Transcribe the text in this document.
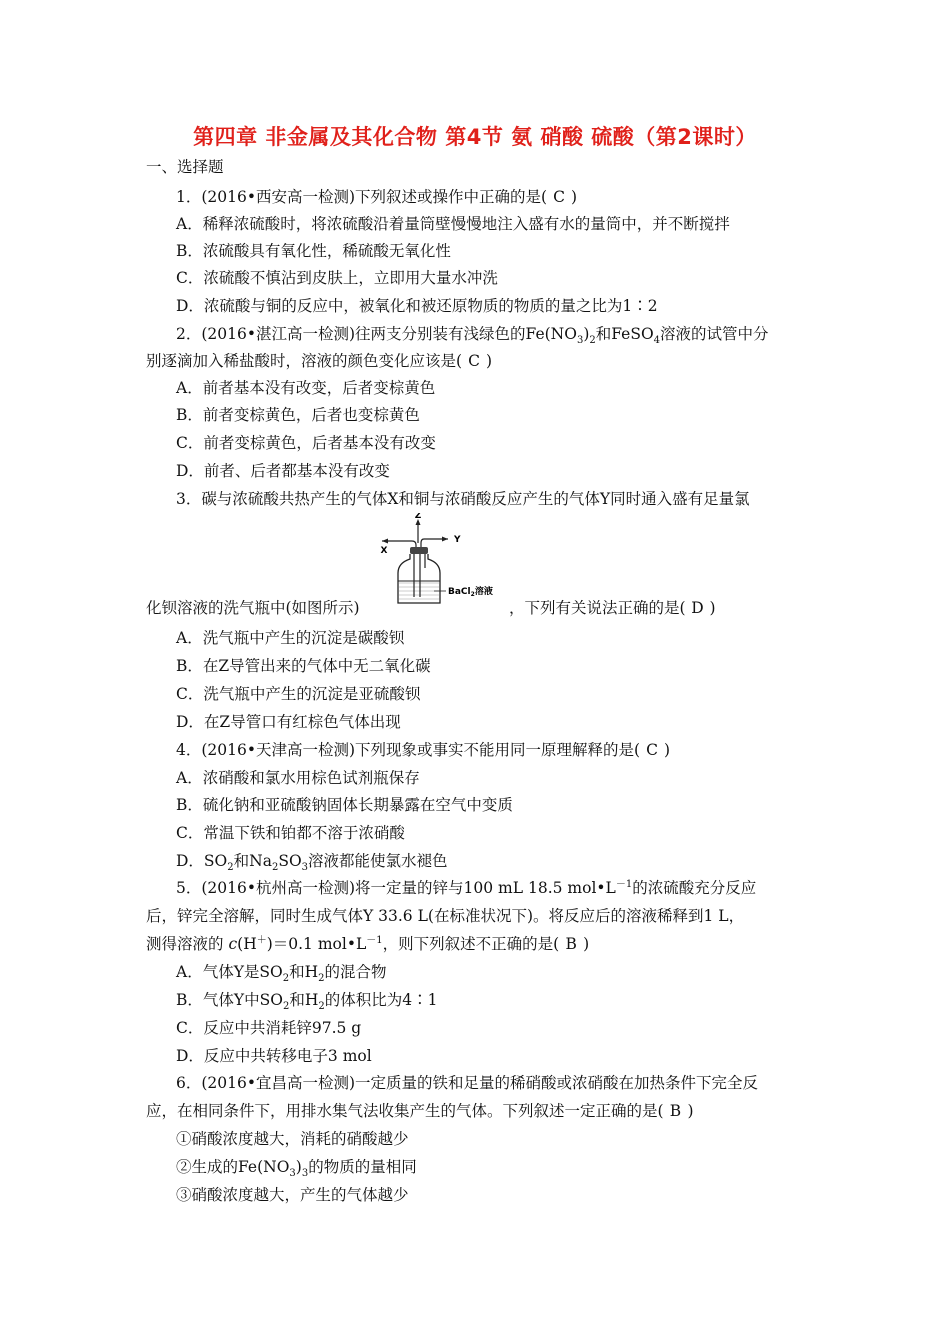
第四章 非金属及其化合物 第4节 氨 硝酸 硫酸（第2课时）
一、选择题
1．(2016•西安高一检测)下列叙述或操作中正确的是( C )
A．稀释浓硫酸时，将浓硫酸沿着量筒壁慢慢地注入盛有水的量筒中，并不断搅拌
B．浓硫酸具有氧化性，稀硫酸无氧化性
C．浓硫酸不慎沾到皮肤上，立即用大量水冲洗
D．浓硫酸与铜的反应中，被氧化和被还原物质的物质的量之比为1∶2
2．(2016•湛江高一检测)往两支分别装有浅绿色的$Fe(NO_3)_2$和FeSO$_4$溶液的试管中分
别逐滴加入稀盐酸时，溶液的颜色变化应该是( C )
A．前者基本没有改变，后者变棕黄色
B．前者变棕黄色，后者也变棕黄色
C．前者变棕黄色，后者基本没有改变
D．前者、后者都基本没有改变
3．碳与浓硫酸共热产生的气体X和铜与浓硝酸反应产生的气体Y同时通入盛有足量氯
Z
X
Y
BaCl$_2$溶液
化钡溶液的洗气瓶中(如图所示)	，下列有关说法正确的是( D )
A．洗气瓶中产生的沉淀是碳酸钡
B．在Z导管出来的气体中无二氧化碳
C．洗气瓶中产生的沉淀是亚硫酸钡
D．在Z导管口有红棕色气体出现
4．(2016•天津高一检测)下列现象或事实不能用同一原理解释的是( C )
A．浓硝酸和氯水用棕色试剂瓶保存
B．硫化钠和亚硫酸钠固体长期暴露在空气中变质
C．常温下铁和铂都不溶于浓硝酸
D．$SO_2$和$Na_2SO_3$溶液都能使氯水褪色
5．(2016•杭州高一检测)将一定量的锌与100 mL 18.5 $mol•L^{-1}$的浓硫酸充分反应
后，锌完全溶解，同时生成气体Y 33.6 L(在标准状况下)。将反应后的溶液稀释到1 L，
测得溶液的 c(H＋)＝0.1 $mol•L^{-1}$，则下列叙述不正确的是( B )
A．气体Y是$SO_2$和$H_2$的混合物
B．气体Y中$SO_2$和$H_2$的体积比为4∶1
C．反应中共消耗锌97.5 g
D．反应中共转移电子3 mol
6．(2016•宜昌高一检测)一定质量的铁和足量的稀硝酸或浓硝酸在加热条件下完全反
应，在相同条件下，用排水集气法收集产生的气体。下列叙述一定正确的是( B )
①硝酸浓度越大，消耗的硝酸越少
②生成的$Fe(NO_3)_3$的物质的量相同
③硝酸浓度越大，产生的气体越少
